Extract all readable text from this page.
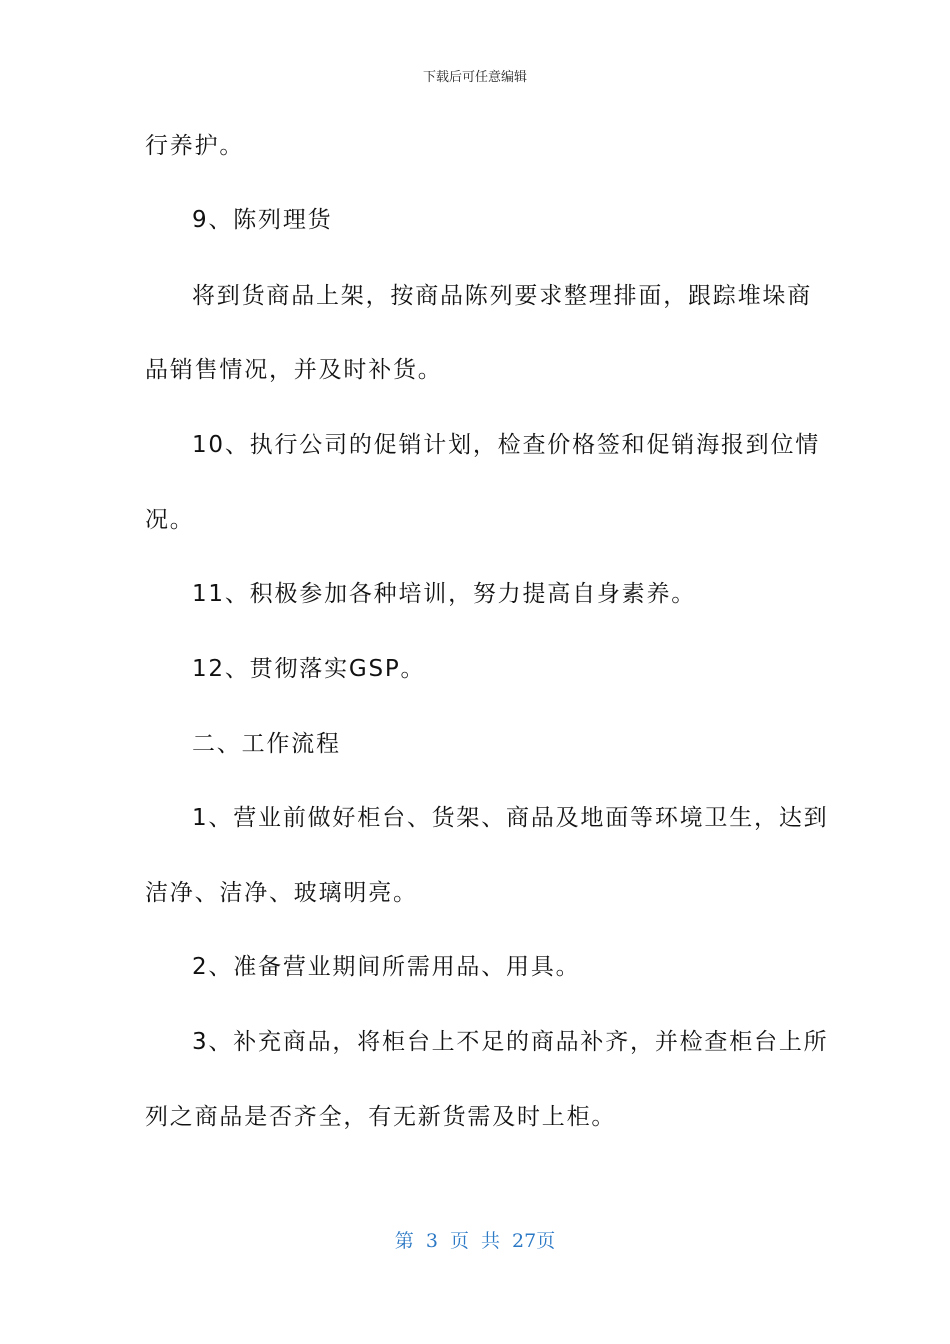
下载后可任意编辑
行养护。
9、陈列理货
将到货商品上架，按商品陈列要求整理排面，跟踪堆垛商
品销售情况，并及时补货。
10、执行公司的促销计划，检查价格签和促销海报到位情
况。
11、积极参加各种培训，努力提高自身素养。
12、贯彻落实GSP。
二、工作流程
1、营业前做好柜台、货架、商品及地面等环境卫生，达到
洁净、洁净、玻璃明亮。
2、准备营业期间所需用品、用具。
3、补充商品，将柜台上不足的商品补齐，并检查柜台上所
列之商品是否齐全，有无新货需及时上柜。
第 3 页 共 27页
